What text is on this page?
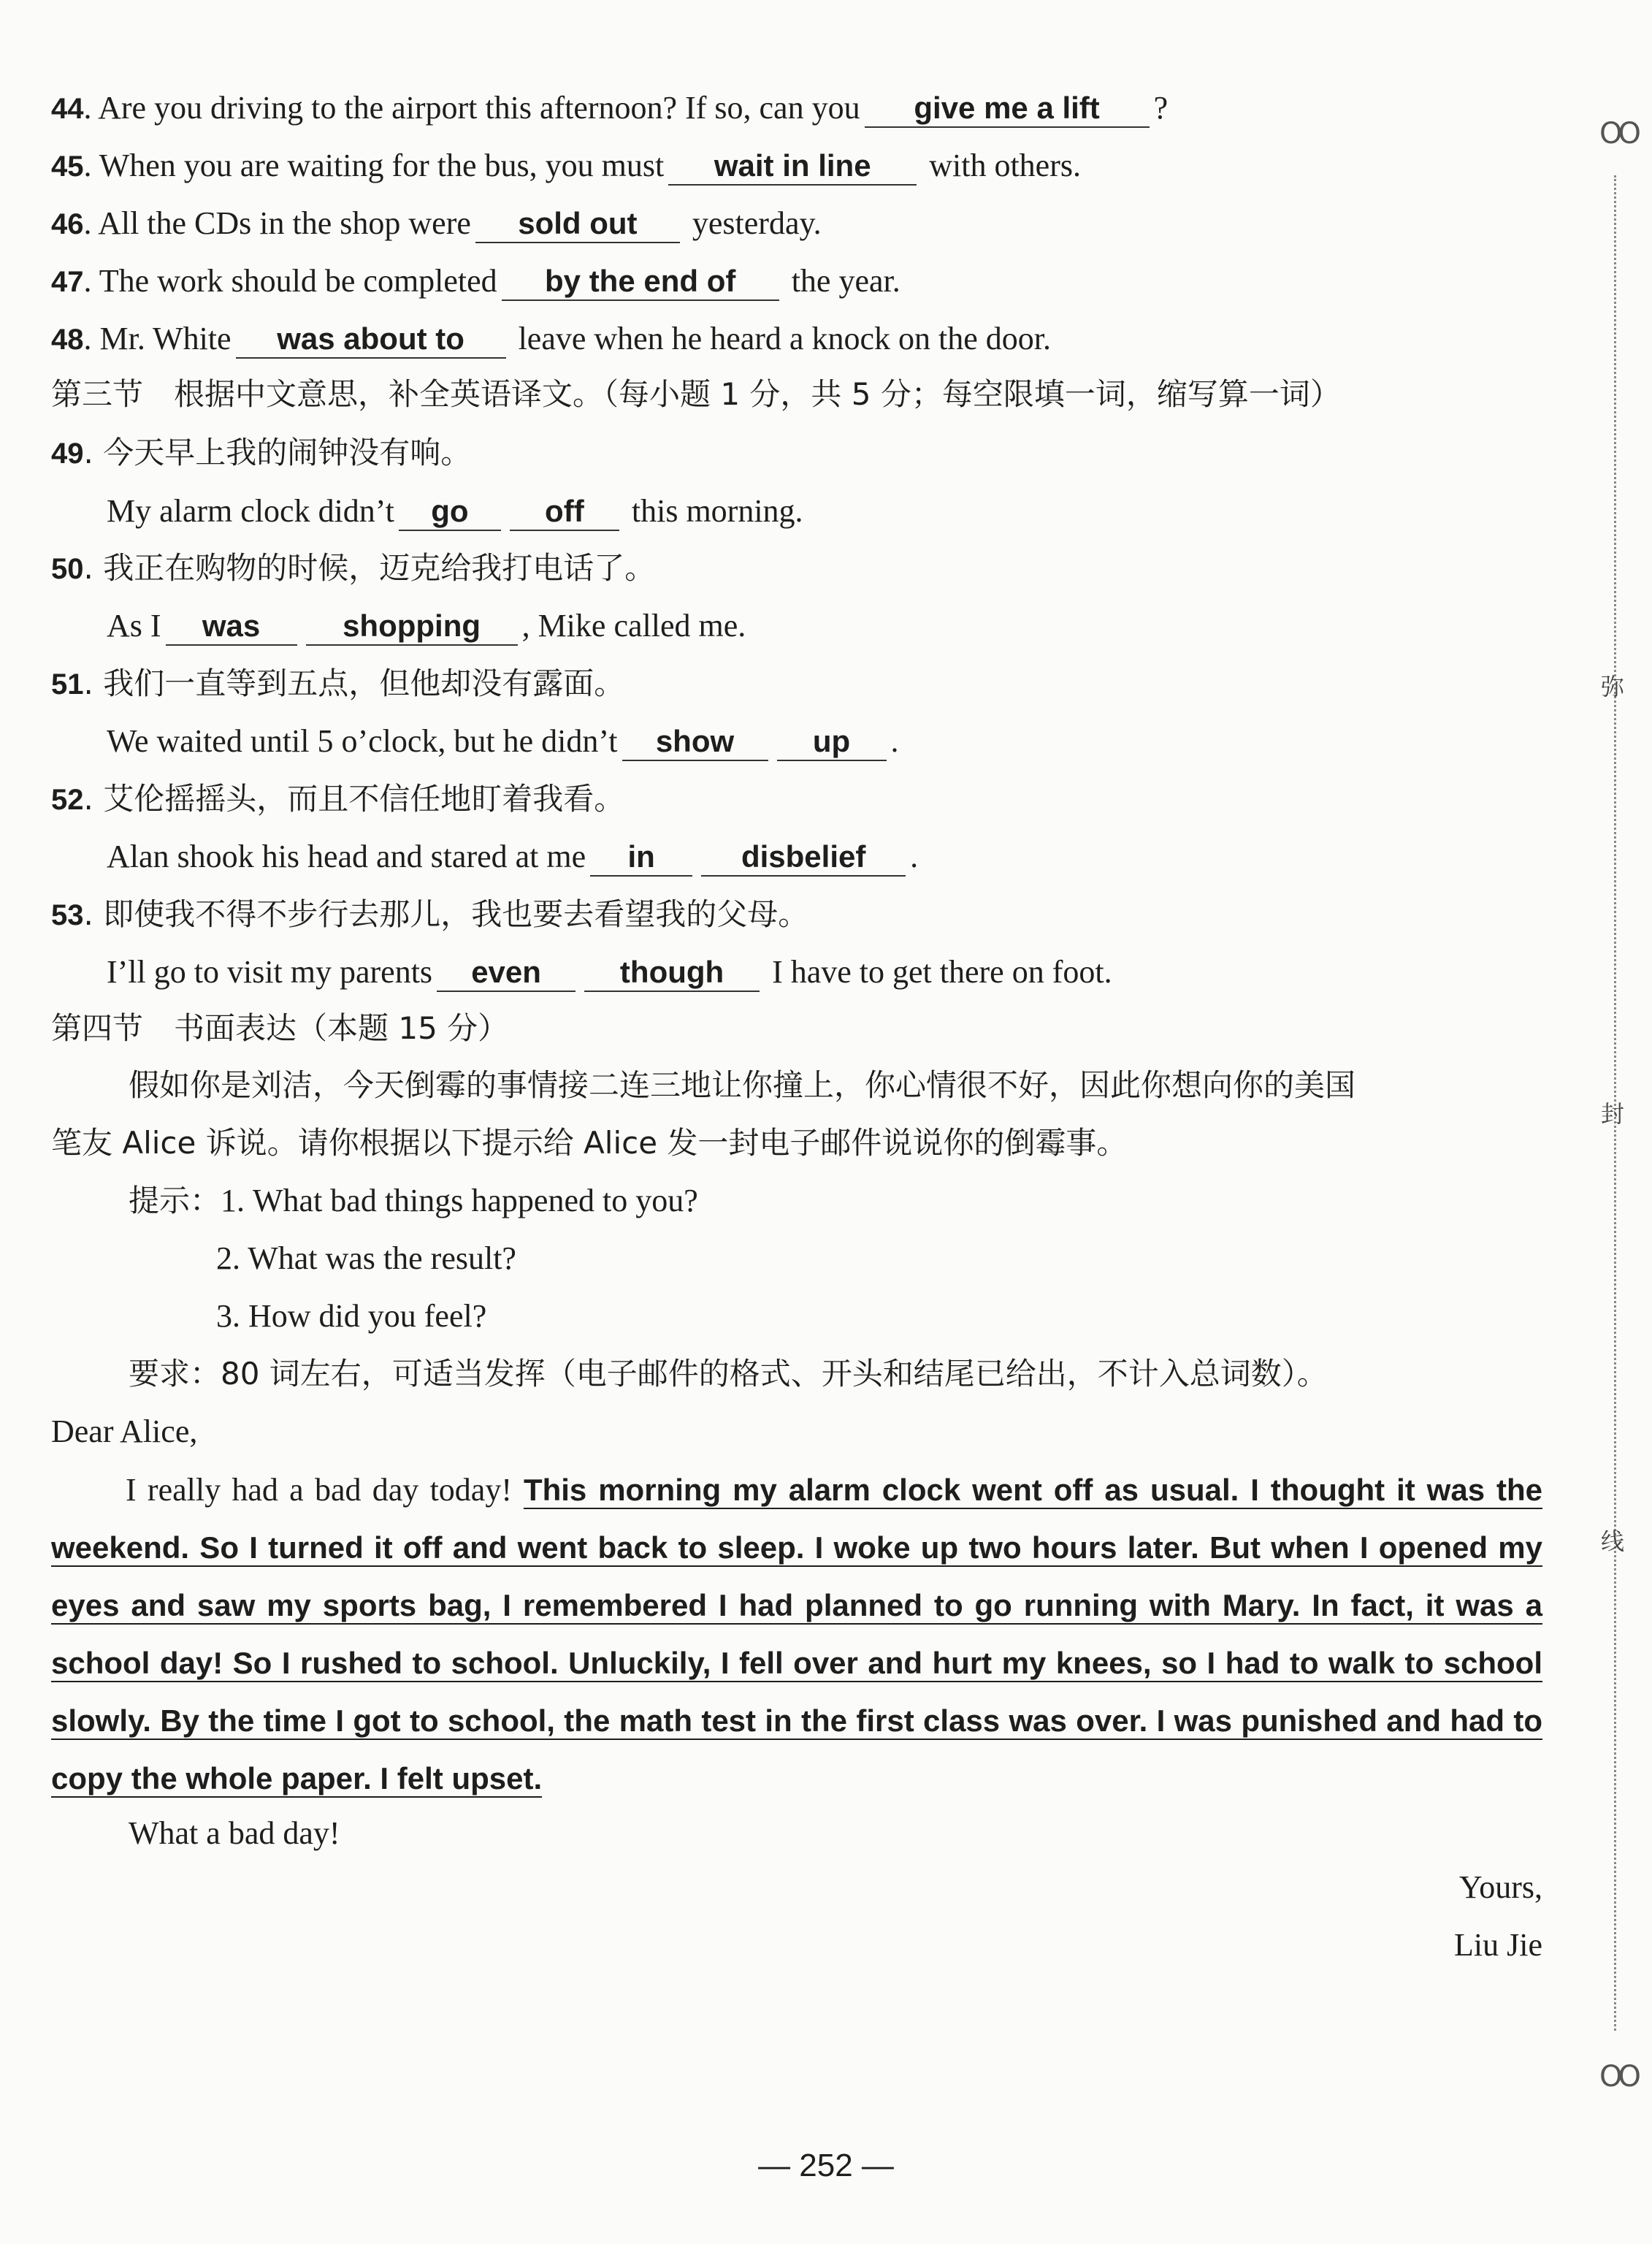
44. Are you driving to the airport this afternoon? If so, can you give me a lift ?
45. When you are waiting for the bus, you must wait in line with others.
46. All the CDs in the shop were sold out yesterday.
47. The work should be completed by the end of the year.
48. Mr. White was about to leave when he heard a knock on the door.
第三节　根据中文意思，补全英语译文。（每小题 1 分，共 5 分；每空限填一词，缩写算一词）
49. 今天早上我的闹钟没有响。
My alarm clock didn’t go off this morning.
50. 我正在购物的时候，迈克给我打电话了。
As I was	shopping , Mike called me.
51. 我们一直等到五点，但他却没有露面。
We waited until 5 o’clock, but he didn’t show	up .
52. 艾伦摇摇头，而且不信任地盯着我看。
Alan shook his head and stared at me in	disbelief .
53. 即使我不得不步行去那儿，我也要去看望我的父母。
I’ll go to visit my parents even	though I have to get there on foot.
第四节　书面表达（本题 15 分）
假如你是刘洁，今天倒霉的事情接二连三地让你撞上，你心情很不好，因此你想向你的美国
笔友 Alice 诉说。请你根据以下提示给 Alice 发一封电子邮件说说你的倒霉事。
提示：1. What bad things happened to you?
2. What was the result?
3. How did you feel?
要求：80 词左右，可适当发挥（电子邮件的格式、开头和结尾已给出，不计入总词数）。
Dear Alice,
I really had a bad day today! This morning my alarm clock went off as usual. I thought it was the weekend. So I turned it off and went back to sleep. I woke up two hours later. But when I opened my eyes and saw my sports bag, I remembered I had planned to go running with Mary. In fact, it was a school day! So I rushed to school. Unluckily, I fell over and hurt my knees, so I had to walk to school slowly. By the time I got to school, the math test in the first class was over. I was punished and had to copy the whole paper. I felt upset.
What a bad day!
Yours,
Liu Jie
— 252 —
OO
弥
封
线
OO
